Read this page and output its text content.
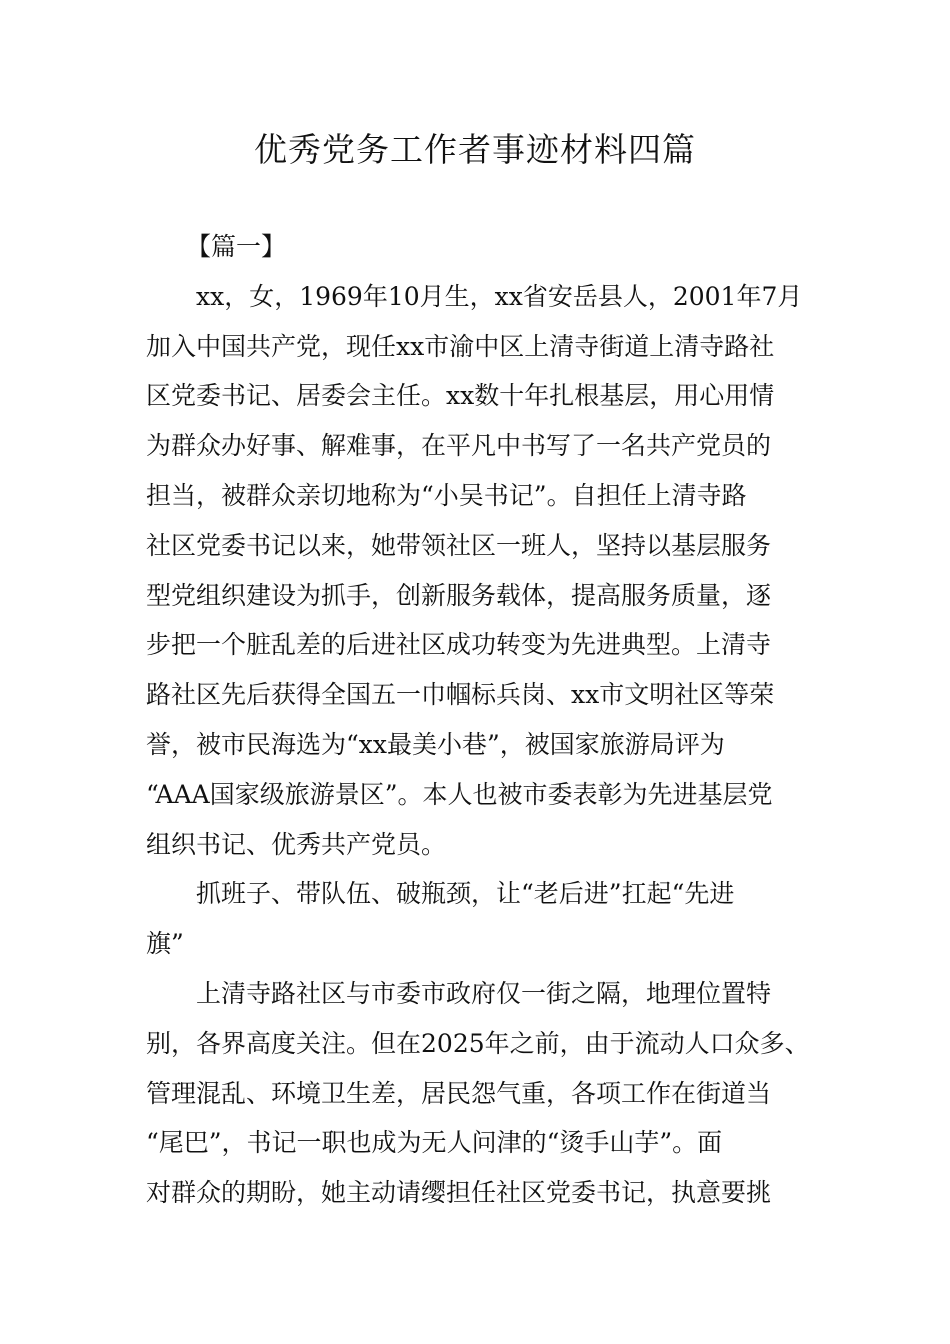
优秀党务工作者事迹材料四篇

【篇一】

xx，女，1969年10月生，xx省安岳县人，2001年7月

加入中国共产党，现任xx市渝中区上清寺街道上清寺路社

区党委书记、居委会主任。xx数十年扎根基层，用心用情

为群众办好事、解难事，在平凡中书写了一名共产党员的

担当，被群众亲切地称为“小吴书记”。自担任上清寺路

社区党委书记以来，她带领社区一班人，坚持以基层服务

型党组织建设为抓手，创新服务载体，提高服务质量，逐

步把一个脏乱差的后进社区成功转变为先进典型。上清寺

路社区先后获得全国五一巾帼标兵岗、xx市文明社区等荣

誉，被市民海选为“xx最美小巷”，被国家旅游局评为

“AAA国家级旅游景区”。本人也被市委表彰为先进基层党

组织书记、优秀共产党员。

抓班子、带队伍、破瓶颈，让“老后进”扛起“先进

旗”

上清寺路社区与市委市政府仅一街之隔，地理位置特

别，各界高度关注。但在2025年之前，由于流动人口众多、

管理混乱、环境卫生差，居民怨气重，各项工作在街道当

“尾巴”，书记一职也成为无人问津的“烫手山芋”。面

对群众的期盼，她主动请缨担任社区党委书记，执意要挑
